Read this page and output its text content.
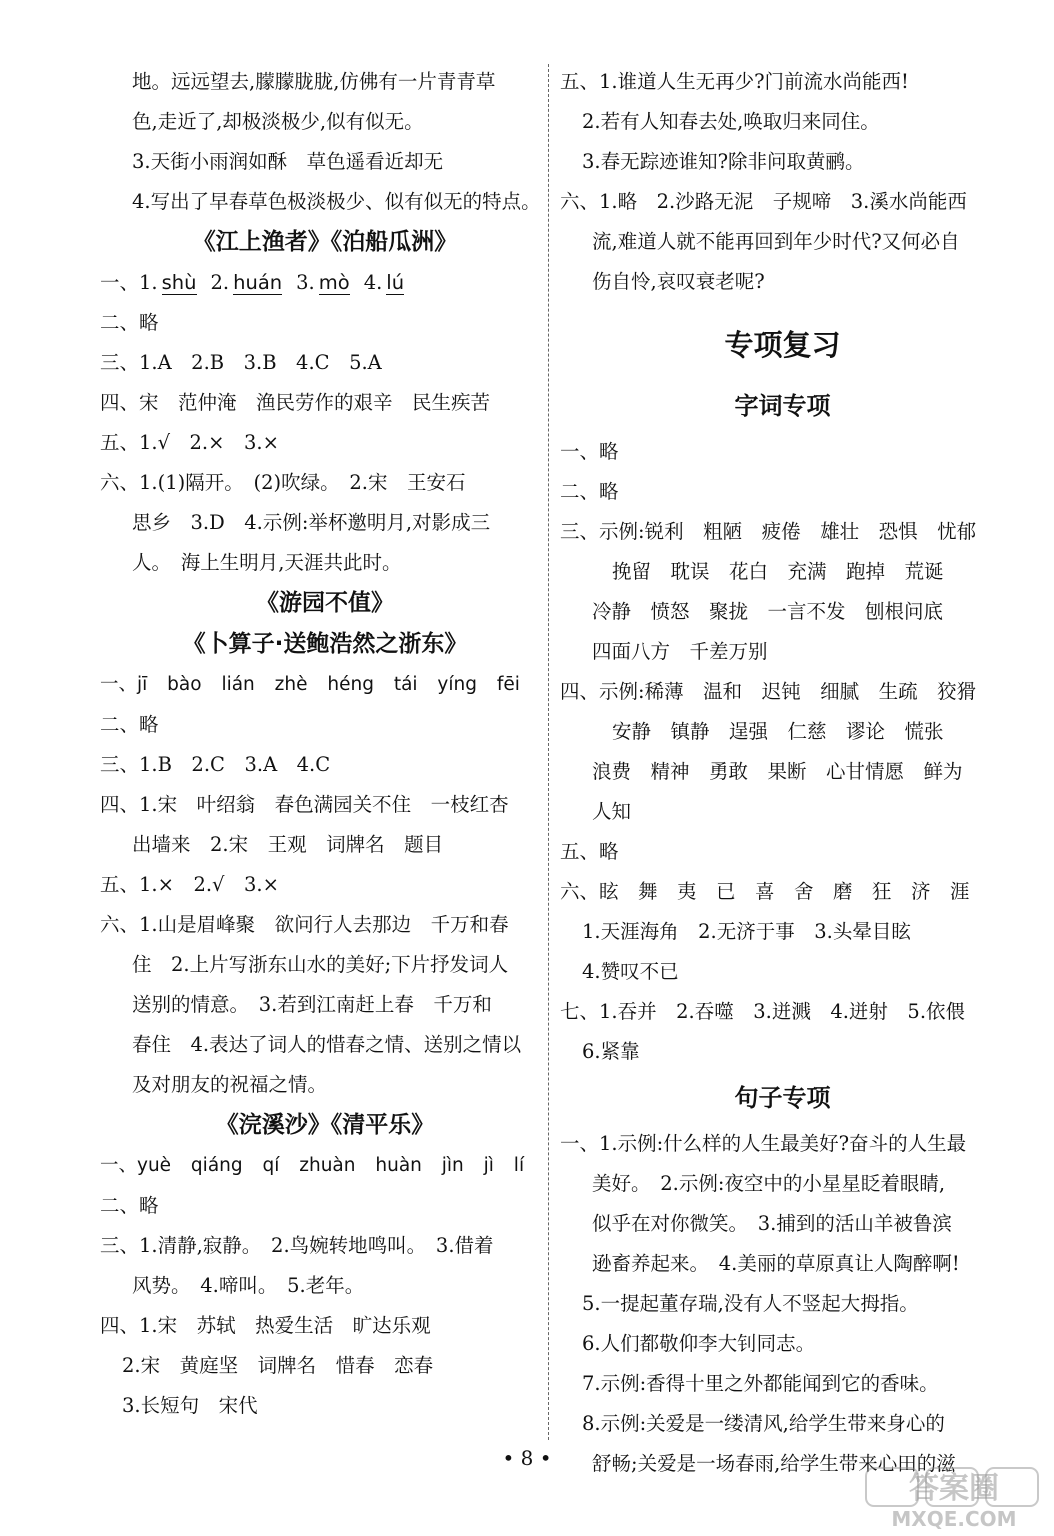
地。远远望去,朦朦胧胧,仿佛有一片青青草
色,走近了,却极淡极少,似有似无。
3.天街小雨润如酥　草色遥看近却无
4.写出了早春草色极淡极少、似有似无的特点。
《江上渔者》《泊船瓜洲》
一、1. shù 2. huán 3. mò 4. lú
二、略
三、1.A　2.B　3.B　4.C　5.A
四、宋　范仲淹　渔民劳作的艰辛　民生疾苦
五、1.√　2.×　3.×
六、1.(1)隔开。　(2)吹绿。　2.宋　王安石
思乡　3.D　4.示例:举杯邀明月,对影成三
人。　海上生明月,天涯共此时。
《游园不值》
《卜算子·送鲍浩然之浙东》
一、jī bào lián zhè héng tái yíng fēi
二、略
三、1.B　2.C　3.A　4.C
四、1.宋　叶绍翁　春色满园关不住　一枝红杏
出墙来　2.宋　王观　词牌名　题目
五、1.×　2.√　3.×
六、1.山是眉峰聚　欲问行人去那边　千万和春
住　2.上片写浙东山水的美好;下片抒发词人
送别的情意。　3.若到江南赶上春　千万和
春住　4.表达了词人的惜春之情、送别之情以
及对朋友的祝福之情。
《浣溪沙》《清平乐》
一、yuè qiáng qí zhuàn huàn jìn jì lí
二、略
三、1.清静,寂静。　2.鸟婉转地鸣叫。　3.借着
风势。　4.啼叫。　5.老年。
四、1.宋　苏轼　热爱生活　旷达乐观
2.宋　黄庭坚　词牌名　惜春　恋春
3.长短句　宋代
五、1.谁道人生无再少?门前流水尚能西!
2.若有人知春去处,唤取归来同住。
3.春无踪迹谁知?除非问取黄鹂。
六、1.略　2.沙路无泥　子规啼　3.溪水尚能西
流,难道人就不能再回到年少时代?又何必自
伤自怜,哀叹衰老呢?
专项复习
字词专项
一、略
二、略
三、示例:锐利　粗陋　疲倦　雄壮　恐惧　忧郁
挽留　耽误　花白　充满　跑掉　荒诞
冷静　愤怒　聚拢　一言不发　刨根问底
四面八方　千差万别
四、示例:稀薄　温和　迟钝　细腻　生疏　狡猾
安静　镇静　逞强　仁慈　谬论　慌张
浪费　精神　勇敢　果断　心甘情愿　鲜为
人知
五、略
六、眩　舞　夷　已　喜　舍　磨　狂　济　涯
1.天涯海角　2.无济于事　3.头晕目眩
4.赞叹不已
七、1.吞并　2.吞噬　3.迸溅　4.迸射　5.依偎
6.紧靠
句子专项
一、1.示例:什么样的人生最美好?奋斗的人生最
美好。　2.示例:夜空中的小星星眨着眼睛,
似乎在对你微笑。　3.捕到的活山羊被鲁滨
逊畜养起来。　4.美丽的草原真让人陶醉啊!
5.一提起董存瑞,没有人不竖起大拇指。
6.人们都敬仰李大钊同志。
7.示例:香得十里之外都能闻到它的香味。
8.示例:关爱是一缕清风,给学生带来身心的
舒畅;关爱是一场春雨,给学生带来心田的滋
• 8 •
答案圈
MXQE.COM
